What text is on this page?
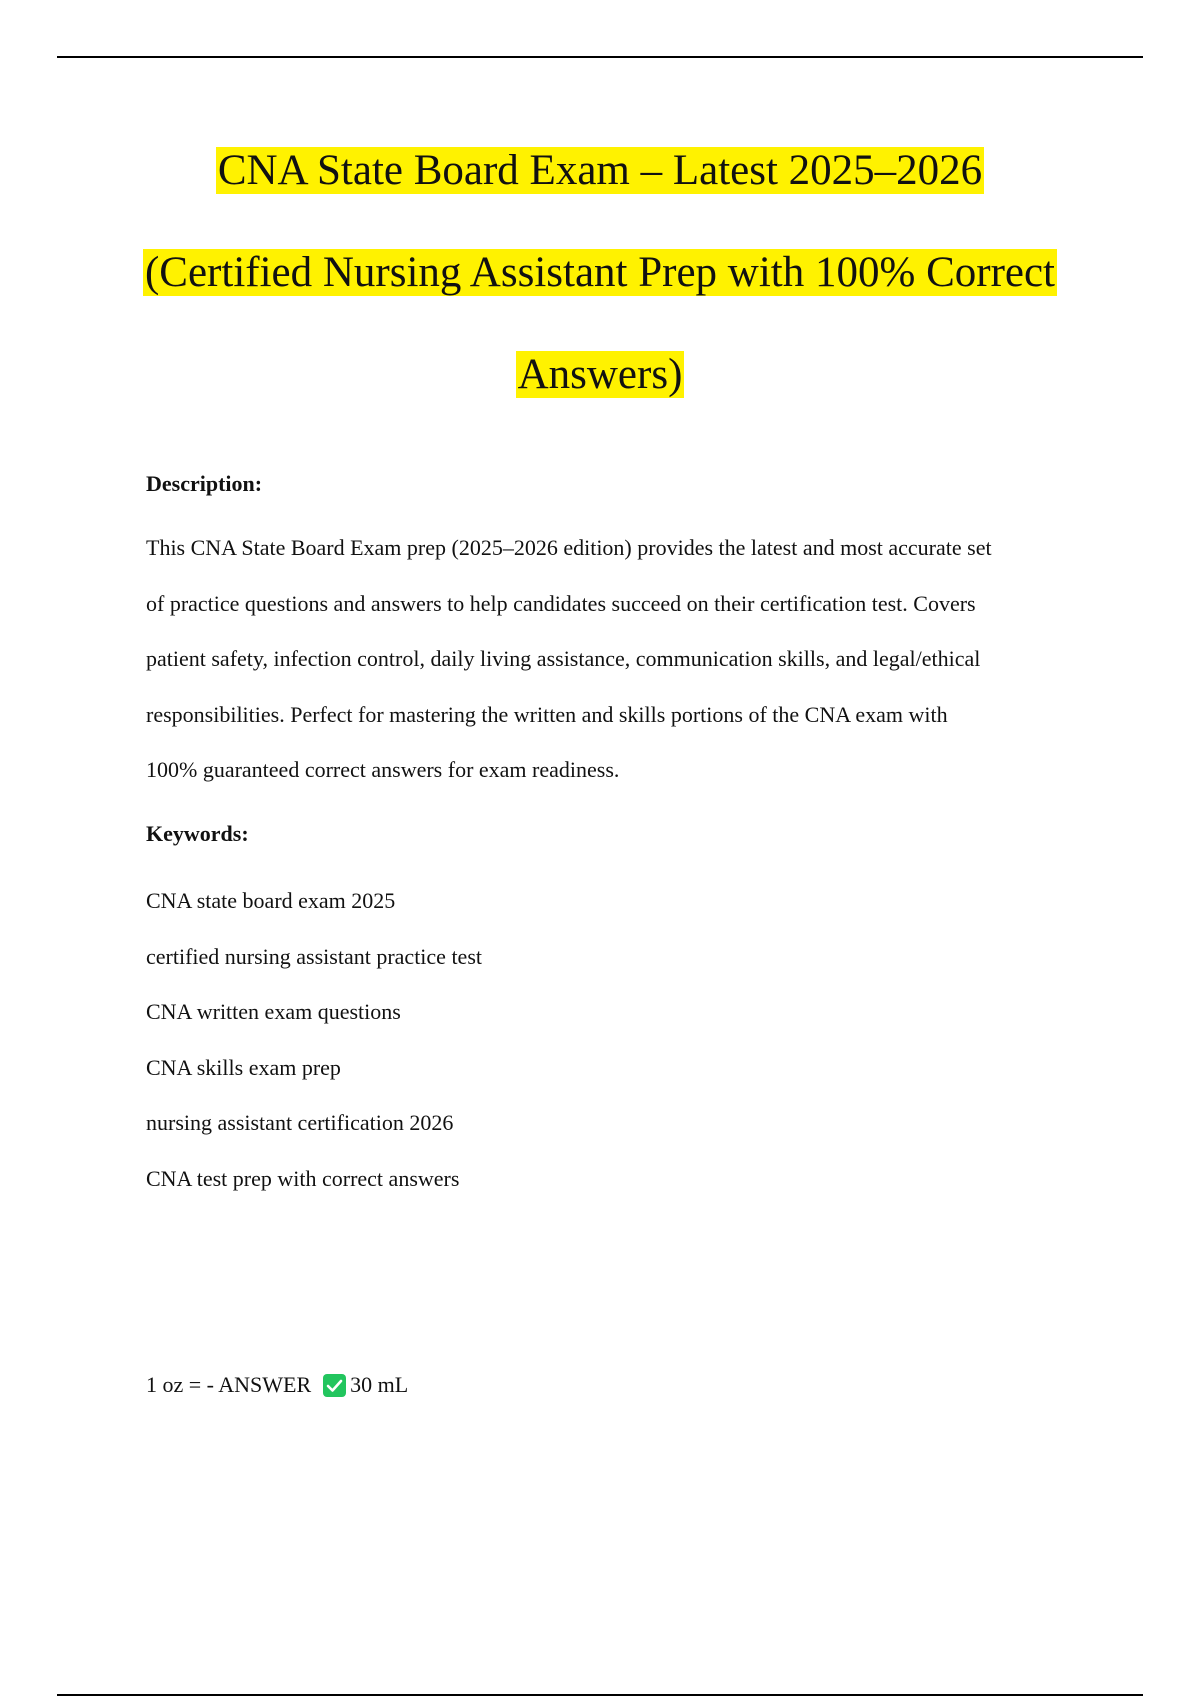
CNA State Board Exam – Latest 2025–2026
(Certified Nursing Assistant Prep with 100% Correct
Answers)
Description:
This CNA State Board Exam prep (2025–2026 edition) provides the latest and most accurate set
of practice questions and answers to help candidates succeed on their certification test. Covers
patient safety, infection control, daily living assistance, communication skills, and legal/ethical
responsibilities. Perfect for mastering the written and skills portions of the CNA exam with
100% guaranteed correct answers for exam readiness.
Keywords:
CNA state board exam 2025
certified nursing assistant practice test
CNA written exam questions
CNA skills exam prep
nursing assistant certification 2026
CNA test prep with correct answers
1 oz = - ANSWER 30 mL
